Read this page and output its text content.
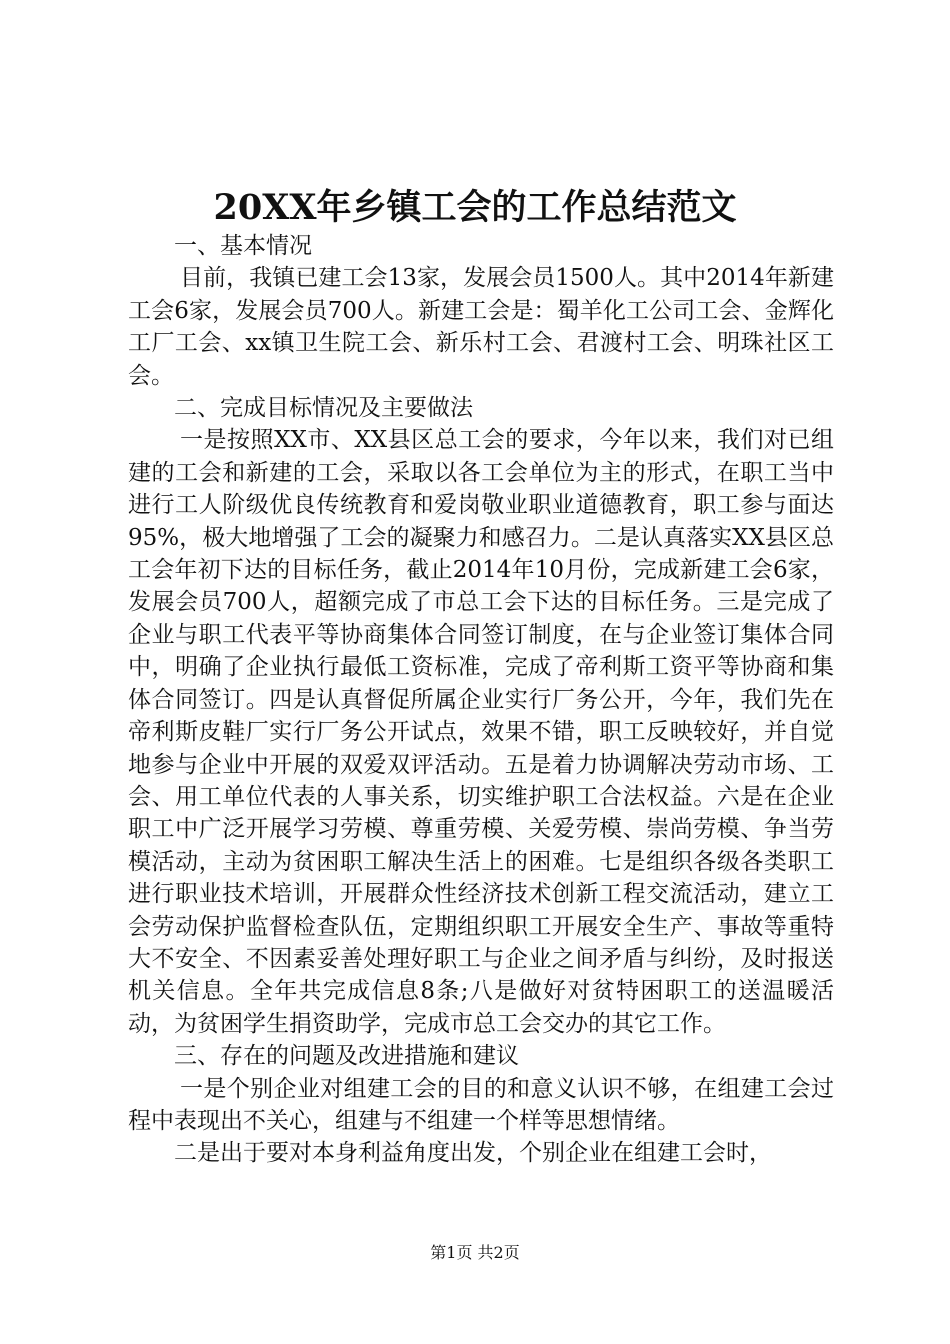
20XX年乡镇工会的工作总结范文

一、基本情况

目前，我镇已建工会13家，发展会员1500人。其中2014年新建工会6家，发展会员700人。新建工会是：蜀羊化工公司工会、金辉化工厂工会、xx镇卫生院工会、新乐村工会、君渡村工会、明珠社区工会。

二、完成目标情况及主要做法

一是按照XX市、XX县区总工会的要求，今年以来，我们对已组建的工会和新建的工会，采取以各工会单位为主的形式，在职工当中进行工人阶级优良传统教育和爱岗敬业职业道德教育，职工参与面达95%，极大地增强了工会的凝聚力和感召力。二是认真落实XX县区总工会年初下达的目标任务，截止2014年10月份，完成新建工会6家，发展会员700人，超额完成了市总工会下达的目标任务。三是完成了企业与职工代表平等协商集体合同签订制度，在与企业签订集体合同中，明确了企业执行最低工资标准，完成了帝利斯工资平等协商和集体合同签订。四是认真督促所属企业实行厂务公开，今年，我们先在帝利斯皮鞋厂实行厂务公开试点，效果不错，职工反映较好，并自觉地参与企业中开展的双爱双评活动。五是着力协调解决劳动市场、工会、用工单位代表的人事关系，切实维护职工合法权益。六是在企业职工中广泛开展学习劳模、尊重劳模、关爱劳模、崇尚劳模、争当劳模活动，主动为贫困职工解决生活上的困难。七是组织各级各类职工进行职业技术培训，开展群众性经济技术创新工程交流活动，建立工会劳动保护监督检查队伍，定期组织职工开展安全生产、事故等重特大不安全、不因素妥善处理好职工与企业之间矛盾与纠纷，及时报送机关信息。全年共完成信息8条;八是做好对贫特困职工的送温暖活动，为贫困学生捐资助学，完成市总工会交办的其它工作。

三、存在的问题及改进措施和建议

一是个别企业对组建工会的目的和意义认识不够，在组建工会过程中表现出不关心，组建与不组建一个样等思想情绪。

二是出于要对本身利益角度出发，个别企业在组建工会时，

第1页 共2页
